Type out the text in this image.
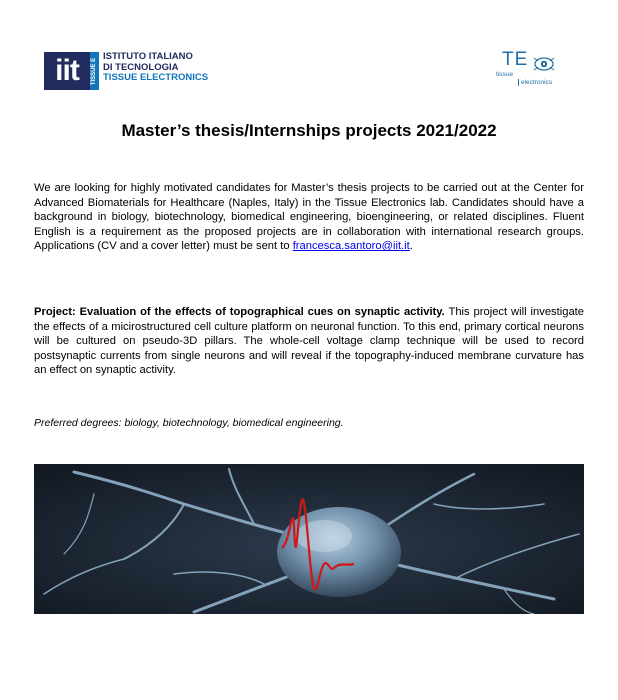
iit	TISSUE E
ISTITUTO ITALIANO
DI TECNOLOGIA
TISSUE ELECTRONICS
TE
tissue
electronics
Master’s thesis/Internships projects 2021/2022

We are looking for highly motivated candidates for Master’s thesis projects to be carried out at the Center for Advanced Biomaterials for Healthcare (Naples, Italy) in the Tissue Electronics lab. Candidates should have a background in biology, biotechnology, biomedical engineering, bioengineering, or related disciplines. Fluent English is a requirement as the proposed projects are in collaboration with international research groups. Applications (CV and a cover letter) must be sent to francesca.santoro@iit.it.

Project: Evaluation of the effects of topographical cues on synaptic activity. This project will investigate the effects of a micirostructured cell culture platform on neuronal function. To this end, primary cortical neurons will be cultured on pseudo-3D pillars. The whole-cell voltage clamp technique will be used to record postsynaptic currents from single neurons and will reveal if the topography-induced membrane curvature has an effect on synaptic activity.

Preferred degrees: biology, biotechnology, biomedical engineering.
